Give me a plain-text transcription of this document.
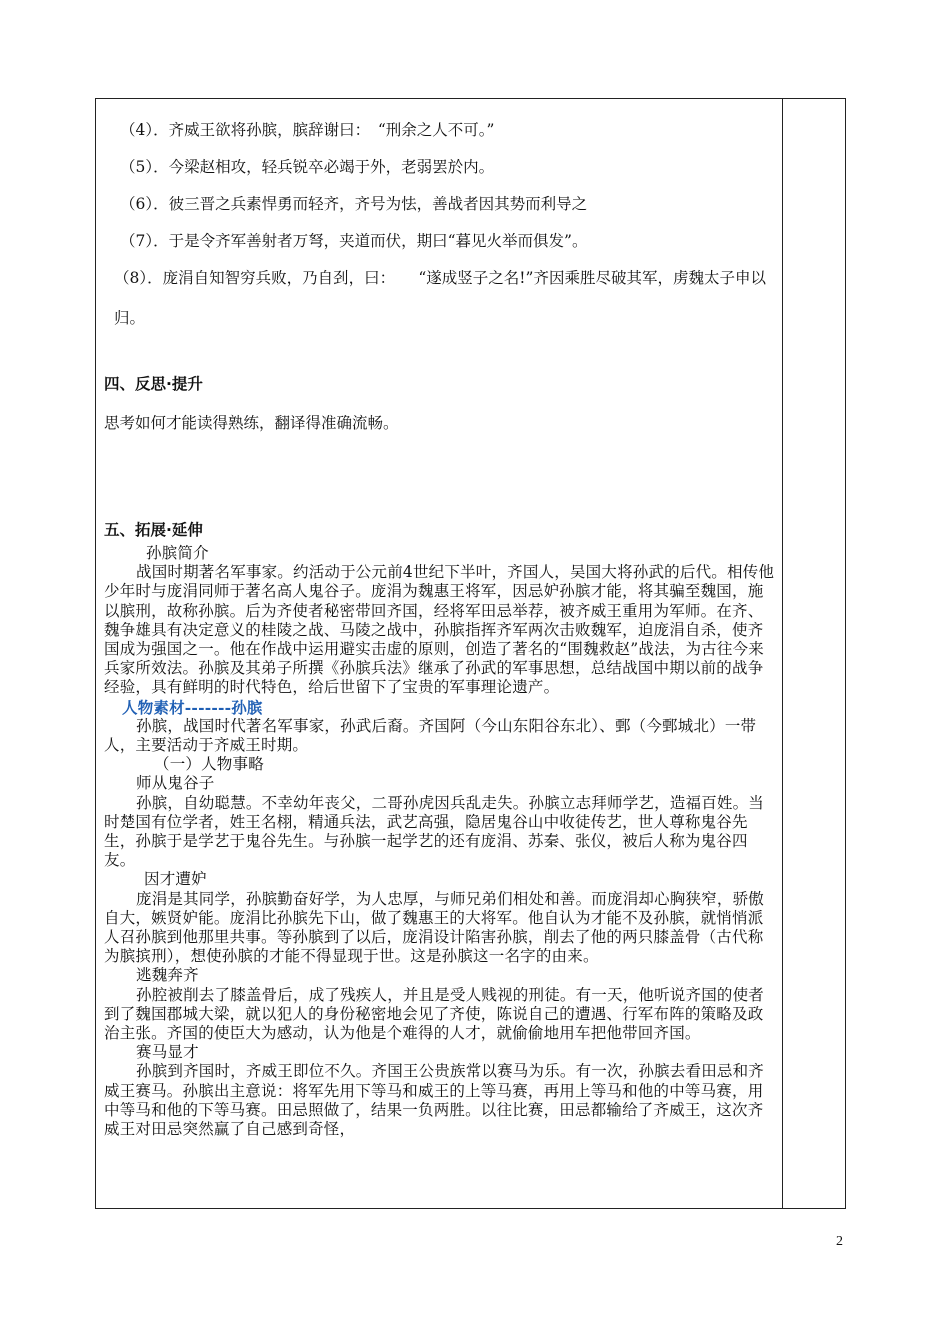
（4）．齐威王欲将孙膑，膑辞谢曰：　“刑余之人不可。”
（5）．今梁赵相攻，轻兵锐卒必竭于外，老弱罢於内。
（6）．彼三晋之兵素悍勇而轻齐，齐号为怯，善战者因其势而利导之
（7）．于是令齐军善射者万弩，夹道而伏，期曰“暮见火举而俱发”。
（8）．庞涓自知智穷兵败，乃自刭，曰：　　“遂成竖子之名!”齐因乘胜尽破其军，虏魏太子申以归。
四、反思·提升
思考如何才能读得熟练，翻译得准确流畅。
五、拓展·延伸
孙膑简介
战国时期著名军事家。约活动于公元前4世纪下半叶，齐国人，吴国大将孙武的后代。相传他少年时与庞涓同师于著名高人鬼谷子。庞涓为魏惠王将军，因忌妒孙膑才能，将其骗至魏国，施以膑刑，故称孙膑。后为齐使者秘密带回齐国，经将军田忌举荐，被齐威王重用为军师。在齐、魏争雄具有决定意义的桂陵之战、马陵之战中，孙膑指挥齐军两次击败魏军，迫庞涓自杀，使齐国成为强国之一。他在作战中运用避实击虚的原则，创造了著名的“围魏救赵”战法，为古往今来兵家所效法。孙膑及其弟子所撰《孙膑兵法》继承了孙武的军事思想，总结战国中期以前的战争经验，具有鲜明的时代特色，给后世留下了宝贵的军事理论遗产。
人物素材-------孙膑
孙膑，战国时代著名军事家，孙武后裔。齐国阿（今山东阳谷东北）、鄄（今鄄城北）一带人，主要活动于齐威王时期。
（一）人物事略
师从鬼谷子
孙膑，自幼聪慧。不幸幼年丧父，二哥孙虎因兵乱走失。孙膑立志拜师学艺，造福百姓。当时楚国有位学者，姓王名栩，精通兵法，武艺高强，隐居鬼谷山中收徒传艺，世人尊称鬼谷先生，孙膑于是学艺于鬼谷先生。与孙膑一起学艺的还有庞涓、苏秦、张仪，被后人称为鬼谷四友。
因才遭妒
庞涓是其同学，孙膑勤奋好学，为人忠厚，与师兄弟们相处和善。而庞涓却心胸狭窄，骄傲自大，嫉贤妒能。庞涓比孙膑先下山，做了魏惠王的大将军。他自认为才能不及孙膑，就悄悄派人召孙膑到他那里共事。等孙膑到了以后，庞涓设计陷害孙膑，削去了他的两只膝盖骨（古代称为膑摈刑），想使孙膑的才能不得显现于世。这是孙膑这一名字的由来。
逃魏奔齐
孙腔被削去了膝盖骨后，成了残疾人，并且是受人贱视的刑徒。有一天，他听说齐国的使者到了魏国郡城大梁，就以犯人的身份秘密地会见了齐使，陈说自己的遭遇、行军布阵的策略及政治主张。齐国的使臣大为感动，认为他是个难得的人才，就偷偷地用车把他带回齐国。
赛马显才
孙膑到齐国时，齐威王即位不久。齐国王公贵族常以赛马为乐。有一次，孙膑去看田忌和齐威王赛马。孙膑出主意说：将军先用下等马和威王的上等马赛，再用上等马和他的中等马赛，用中等马和他的下等马赛。田忌照做了，结果一负两胜。以往比赛，田忌都输给了齐威王，这次齐威王对田忌突然赢了自己感到奇怪，
2
